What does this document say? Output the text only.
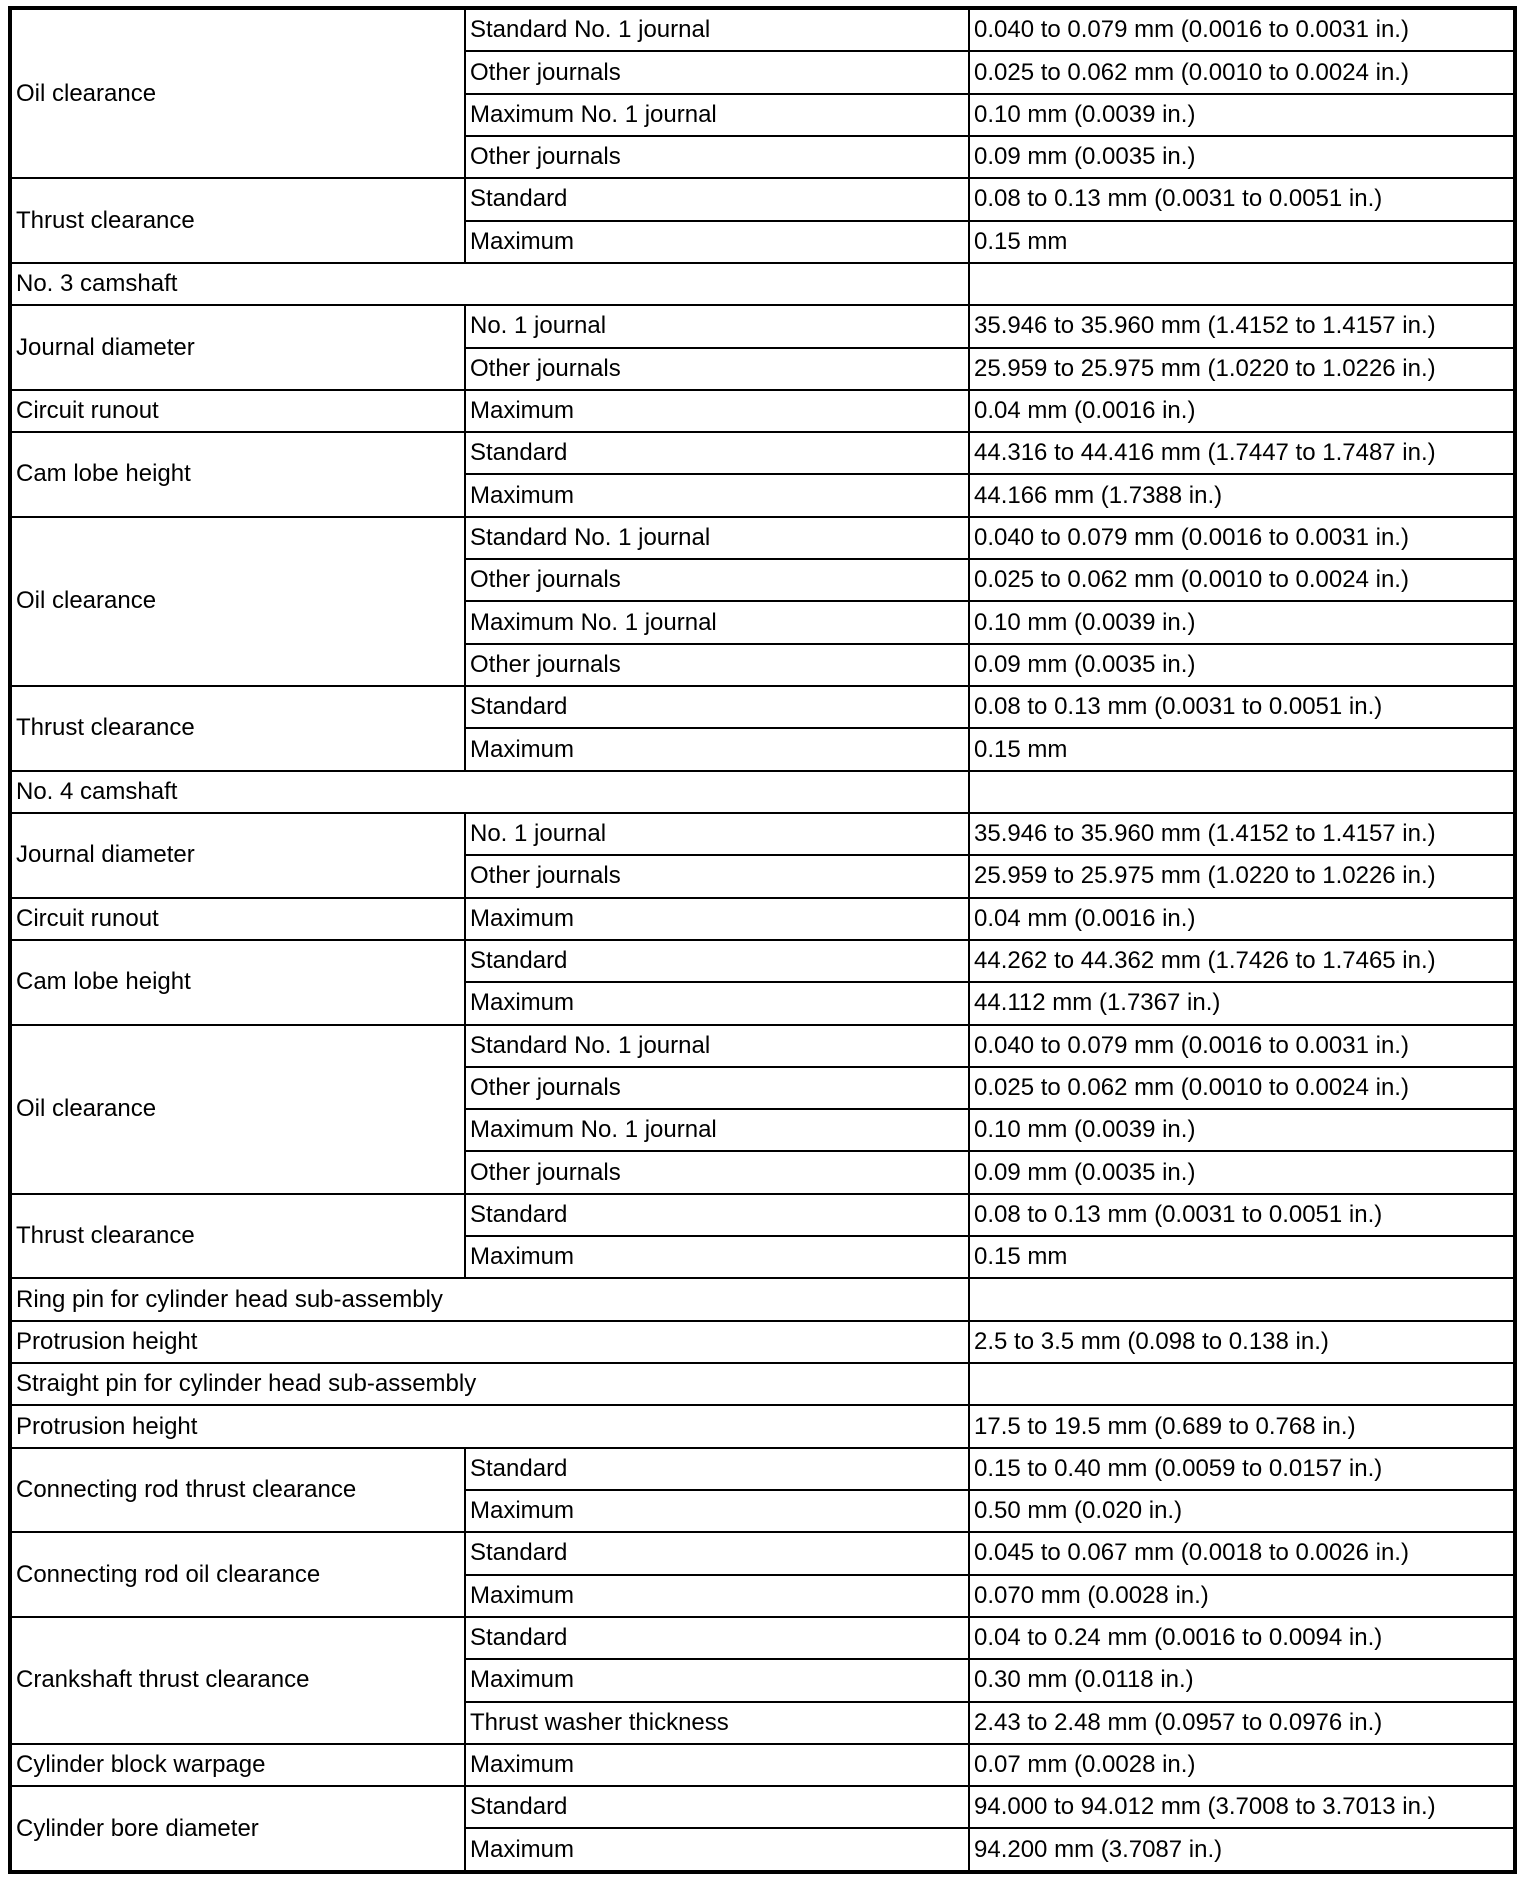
Oil clearance	Standard No. 1 journal	0.040 to 0.079 mm (0.0016 to 0.0031 in.)
	Other journals	0.025 to 0.062 mm (0.0010 to 0.0024 in.)
	Maximum No. 1 journal	0.10 mm (0.0039 in.)
	Other journals	0.09 mm (0.0035 in.)
Thrust clearance	Standard	0.08 to 0.13 mm (0.0031 to 0.0051 in.)
	Maximum	0.15 mm
No. 3 camshaft		
Journal diameter	No. 1 journal	35.946 to 35.960 mm (1.4152 to 1.4157 in.)
	Other journals	25.959 to 25.975 mm (1.0220 to 1.0226 in.)
Circuit runout	Maximum	0.04 mm (0.0016 in.)
Cam lobe height	Standard	44.316 to 44.416 mm (1.7447 to 1.7487 in.)
	Maximum	44.166 mm (1.7388 in.)
Oil clearance	Standard No. 1 journal	0.040 to 0.079 mm (0.0016 to 0.0031 in.)
	Other journals	0.025 to 0.062 mm (0.0010 to 0.0024 in.)
	Maximum No. 1 journal	0.10 mm (0.0039 in.)
	Other journals	0.09 mm (0.0035 in.)
Thrust clearance	Standard	0.08 to 0.13 mm (0.0031 to 0.0051 in.)
	Maximum	0.15 mm
No. 4 camshaft		
Journal diameter	No. 1 journal	35.946 to 35.960 mm (1.4152 to 1.4157 in.)
	Other journals	25.959 to 25.975 mm (1.0220 to 1.0226 in.)
Circuit runout	Maximum	0.04 mm (0.0016 in.)
Cam lobe height	Standard	44.262 to 44.362 mm (1.7426 to 1.7465 in.)
	Maximum	44.112 mm (1.7367 in.)
Oil clearance	Standard No. 1 journal	0.040 to 0.079 mm (0.0016 to 0.0031 in.)
	Other journals	0.025 to 0.062 mm (0.0010 to 0.0024 in.)
	Maximum No. 1 journal	0.10 mm (0.0039 in.)
	Other journals	0.09 mm (0.0035 in.)
Thrust clearance	Standard	0.08 to 0.13 mm (0.0031 to 0.0051 in.)
	Maximum	0.15 mm
Ring pin for cylinder head sub-assembly		
Protrusion height		2.5 to 3.5 mm (0.098 to 0.138 in.)
Straight pin for cylinder head sub-assembly		
Protrusion height		17.5 to 19.5 mm (0.689 to 0.768 in.)
Connecting rod thrust clearance	Standard	0.15 to 0.40 mm (0.0059 to 0.0157 in.)
	Maximum	0.50 mm (0.020 in.)
Connecting rod oil clearance	Standard	0.045 to 0.067 mm (0.0018 to 0.0026 in.)
	Maximum	0.070 mm (0.0028 in.)
Crankshaft thrust clearance	Standard	0.04 to 0.24 mm (0.0016 to 0.0094 in.)
	Maximum	0.30 mm (0.0118 in.)
	Thrust washer thickness	2.43 to 2.48 mm (0.0957 to 0.0976 in.)
Cylinder block warpage	Maximum	0.07 mm (0.0028 in.)
Cylinder bore diameter	Standard	94.000 to 94.012 mm (3.7008 to 3.7013 in.)
	Maximum	94.200 mm (3.7087 in.)
